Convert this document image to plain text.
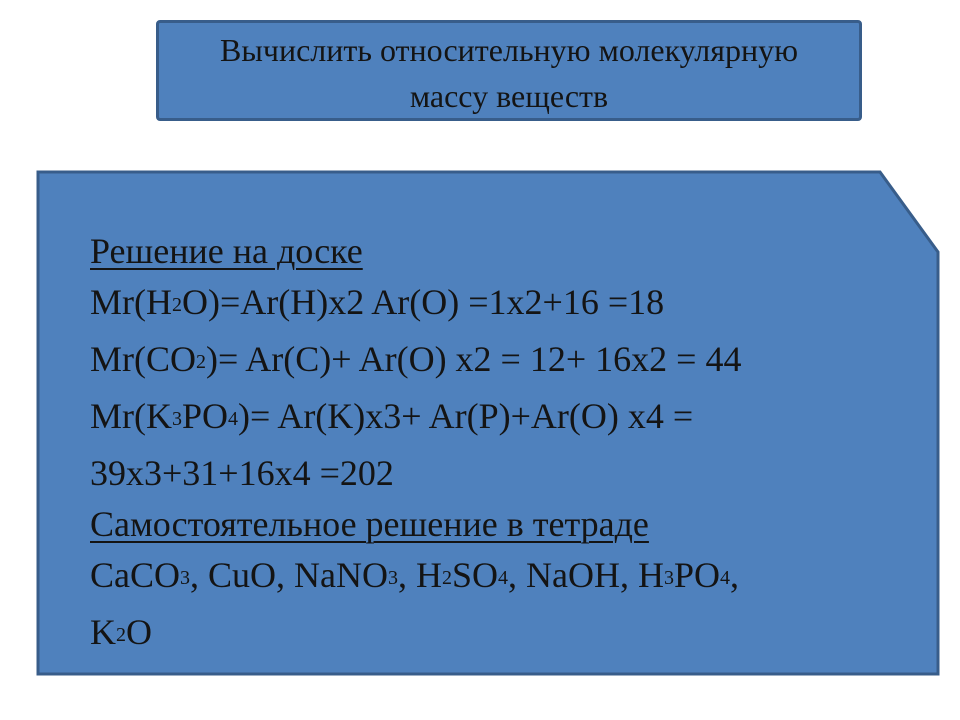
Вычислить относительную молекулярную
массу веществ
Решение на доске
$Mr(H_2O)=Ar(H)x2$ Ar(O) =1x2+16 =18
$Mr(CO_2)= Ar(C)+ Ar(O) x2 = 12+ 16x2 = 44$
$Mr(K_3PO_4)= Ar(K)x3+ Ar(P)+Ar(O) x4$ =
39x3+31+16x4 =202
Самостоятельное решение в тетраде
CaCO$_3$, CuO, NaNO$_3$, $H_2SO_4$, NaOH, $H_3PO_4$,
$K_2O$
